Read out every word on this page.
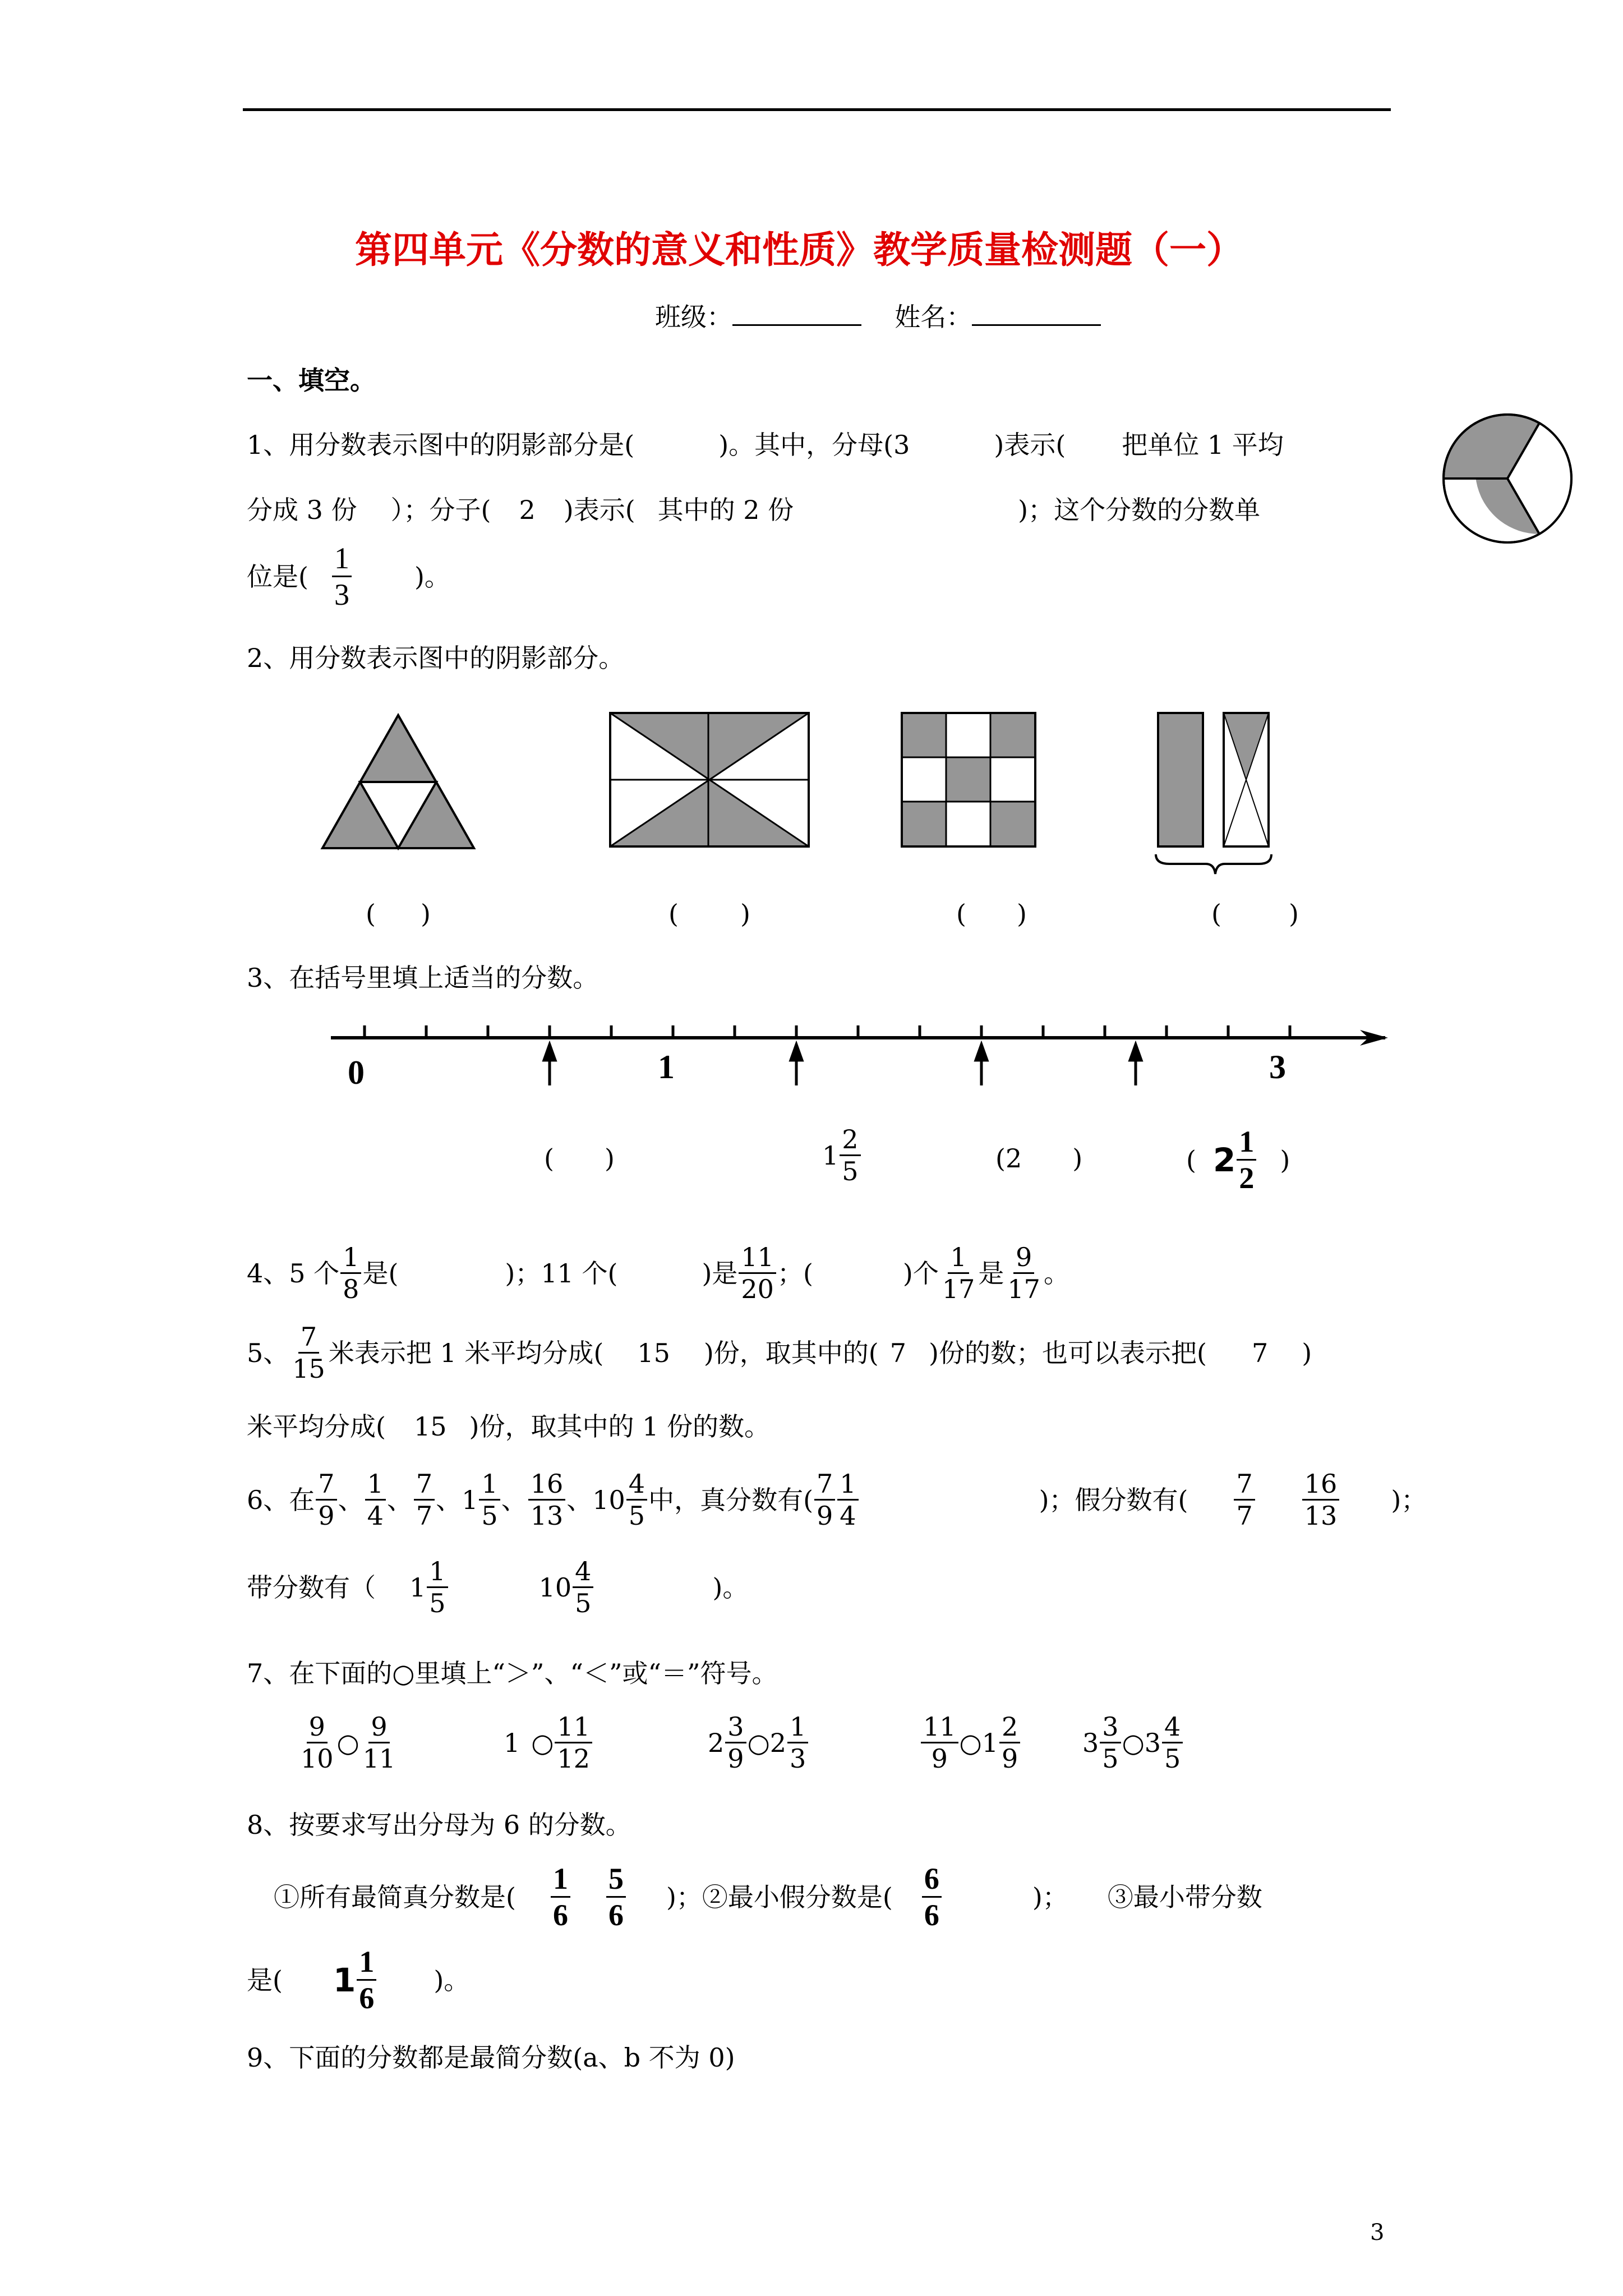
第四单元《分数的意义和性质》教学质量检测题（一）
班级：	姓名：
一、填空。
1、用分数表示图中的阴影部分是(	)。其中，分母(3	)表示( 把单位 1 平均
分成 3 份 ）；分子( 2 )表示( 其中的 2 份	)；这个分数的分数单
位是( $\frac{1}{3}$ )。
2、用分数表示图中的阴影部分。
( )	( )	( )	(	)
3、在括号里填上适当的分数。
0	1	3
( )	$1 \frac{2}{5}$	(2 )	( $2 \frac{1}{2}$ )
4、5 个 $\frac{1}{8}$ 是(	)；11 个(	)是 $\frac{11}{20}$ ；(	)个 $\frac{1}{17}$ 是 $\frac{9}{17}$ 。
5、 $\frac{7}{15}$ 米表示把 1 米平均分成( 15 )份，取其中的( 7 )份的数；也可以表示把( 7 )
米平均分成( 15 )份，取其中的 1 份的数。
6、在 $\frac{7}{9}$ 、 $\frac{1}{4}$ 、 $\frac{7}{7}$ 、 $1 \frac{1}{5}$ 、 $\frac{16}{13}$ 、 $10 \frac{4}{5}$ 中，真分数有( $\frac{7}{9} \frac{1}{4}$	)；假分数有( $\frac{7}{7} \frac{16}{13}$ )；
带分数有（ $1 \frac{1}{5}$	$10 \frac{4}{5}$	)。
7、在下面的○里填上“＞”、“＜”或“＝”符号。
$\frac{9}{10}$ ○ $\frac{9}{11}$	1 ○ $\frac{11}{12}$	$2 \frac{3}{9}$ ○ $2 \frac{1}{3}$	$\frac{11}{9}$ ○ $1 \frac{2}{9} 3 \frac{3}{5}$ ○ $3 \frac{4}{5}$
8、按要求写出分母为 6 的分数。
①所有最简真分数是( $\frac{1}{6} \frac{5}{6}$ )；②最小假分数是( $\frac{6}{6}$	)； ③最小带分数
是( $1 \frac{1}{6}$ )。
9、下面的分数都是最简分数(a、b 不为 0)
3
